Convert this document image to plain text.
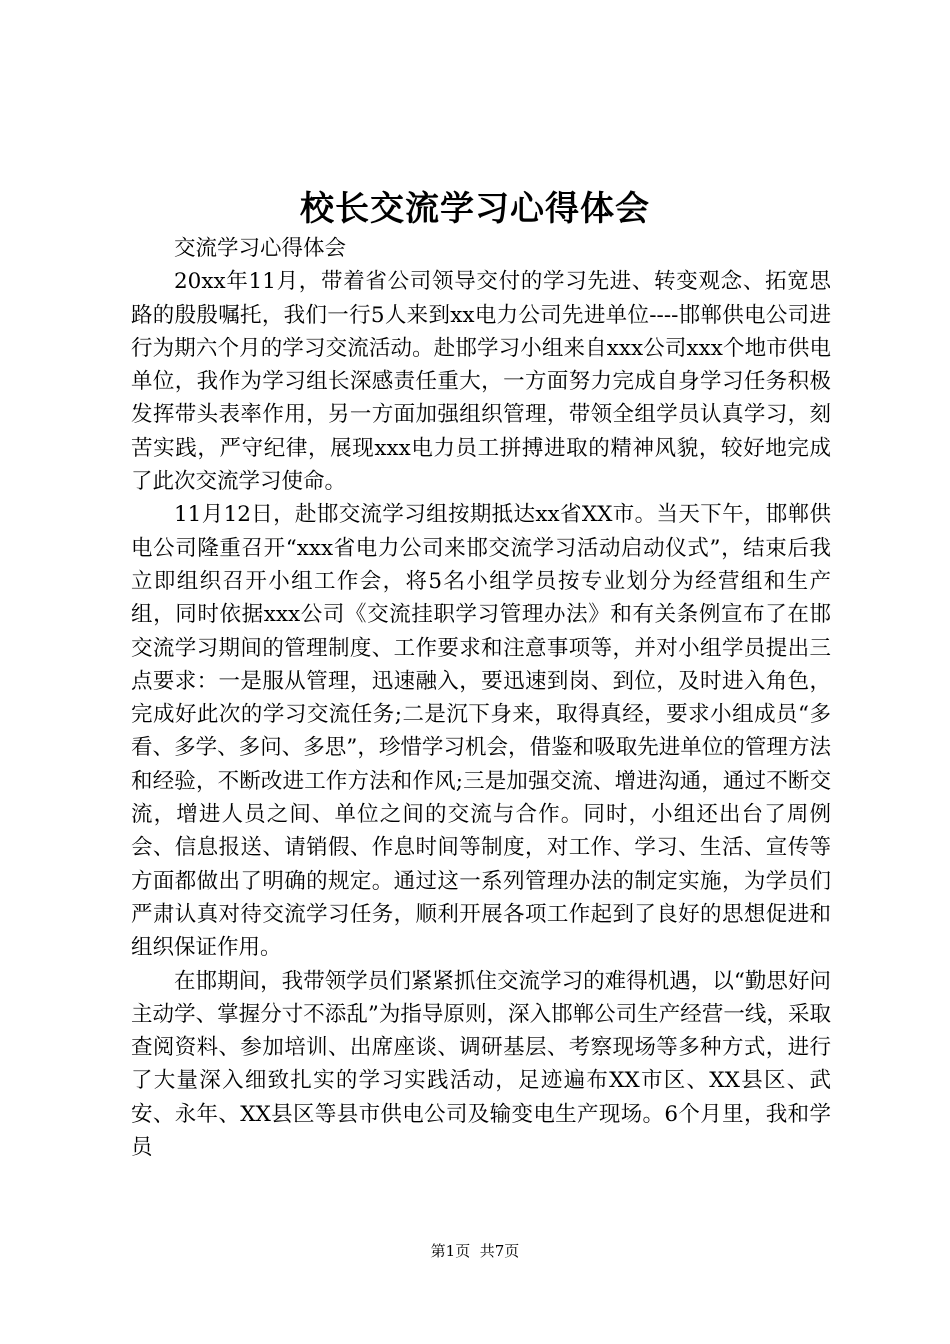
校长交流学习心得体会

交流学习心得体会

20xx年11月，带着省公司领导交付的学习先进、转变观念、拓宽思路的殷殷嘱托，我们一行5人来到xx电力公司先进单位----邯郸供电公司进行为期六个月的学习交流活动。赴邯学习小组来自xxx公司xxx个地市供电单位，我作为学习组长深感责任重大，一方面努力完成自身学习任务积极发挥带头表率作用，另一方面加强组织管理，带领全组学员认真学习，刻苦实践，严守纪律，展现xxx电力员工拼搏进取的精神风貌，较好地完成了此次交流学习使命。

11月12日，赴邯交流学习组按期抵达xx省XX市。当天下午，邯郸供电公司隆重召开“xxx省电力公司来邯交流学习活动启动仪式”，结束后我立即组织召开小组工作会，将5名小组学员按专业划分为经营组和生产组，同时依据xxx公司《交流挂职学习管理办法》和有关条例宣布了在邯交流学习期间的管理制度、工作要求和注意事项等，并对小组学员提出三点要求：一是服从管理，迅速融入，要迅速到岗、到位，及时进入角色，完成好此次的学习交流任务;二是沉下身来，取得真经，要求小组成员“多看、多学、多问、多思”，珍惜学习机会，借鉴和吸取先进单位的管理方法和经验，不断改进工作方法和作风;三是加强交流、增进沟通，通过不断交流，增进人员之间、单位之间的交流与合作。同时，小组还出台了周例会、信息报送、请销假、作息时间等制度，对工作、学习、生活、宣传等方面都做出了明确的规定。通过这一系列管理办法的制定实施，为学员们严肃认真对待交流学习任务，顺利开展各项工作起到了良好的思想促进和组织保证作用。

在邯期间，我带领学员们紧紧抓住交流学习的难得机遇，以“勤思好问主动学、掌握分寸不添乱”为指导原则，深入邯郸公司生产经营一线，采取查阅资料、参加培训、出席座谈、调研基层、考察现场等多种方式，进行了大量深入细致扎实的学习实践活动，足迹遍布XX市区、XX县区、武安、永年、XX县区等县市供电公司及输变电生产现场。6个月里，我和学员

第1页 共7页
